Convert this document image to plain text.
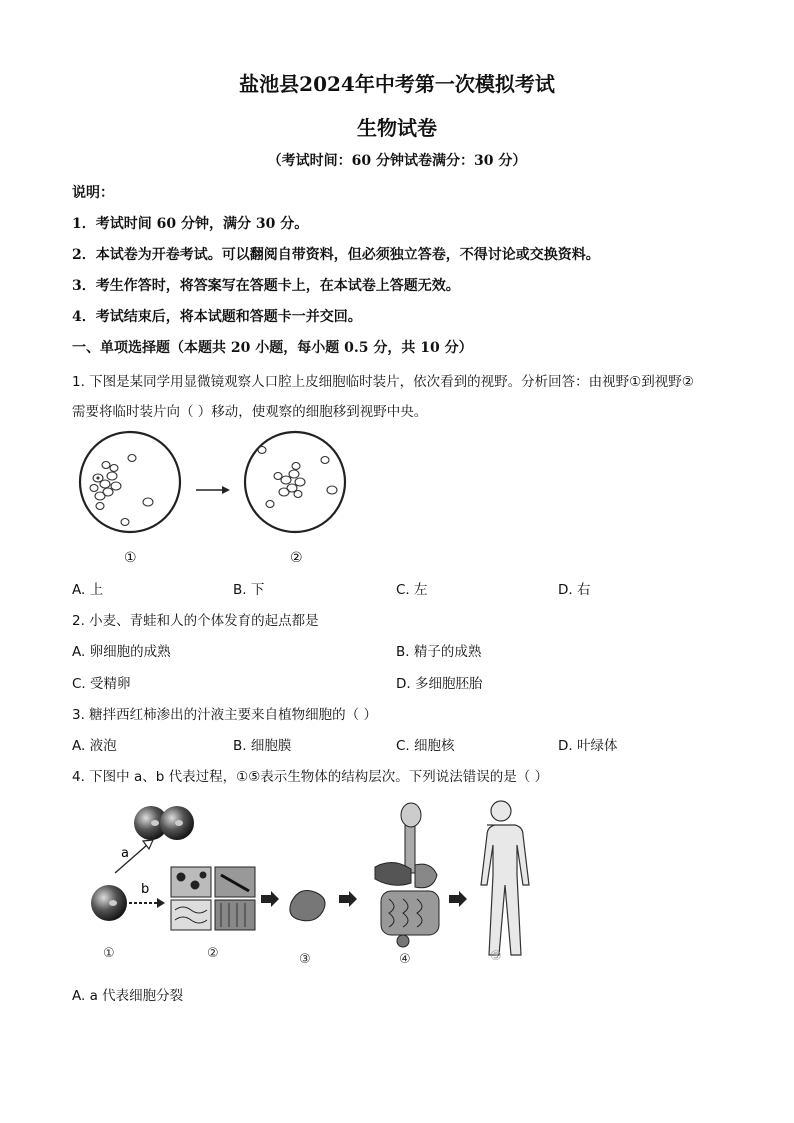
盐池县2024年中考第一次模拟考试
生物试卷
（考试时间：60 分钟试卷满分：30 分）
说明：
1．考试时间 60 分钟，满分 30 分。
2．本试卷为开卷考试。可以翻阅自带资料，但必须独立答卷，不得讨论或交换资料。
3．考生作答时，将答案写在答题卡上，在本试卷上答题无效。
4．考试结束后，将本试题和答题卡一并交回。
一、单项选择题（本题共 20 小题，每小题 0.5 分，共 10 分）
1. 下图是某同学用显微镜观察人口腔上皮细胞临时装片，依次看到的视野。分析回答：由视野①到视野②
需要将临时装片向（ ）移动，使观察的细胞移到视野中央。
①	②
A. 上	B. 下	C. 左	D. 右
2. 小麦、青蛙和人的个体发育的起点都是
A. 卵细胞的成熟	B. 精子的成熟
C. 受精卵	D. 多细胞胚胎
3. 糖拌西红柿渗出的汁液主要来自植物细胞的（ ）
A. 液泡	B. 细胞膜	C. 细胞核	D. 叶绿体
4. 下图中 a、b 代表过程，①⑤表示生物体的结构层次。下列说法错误的是（ ）
a
b
①	②	③	④	⑤
A. a 代表细胞分裂
